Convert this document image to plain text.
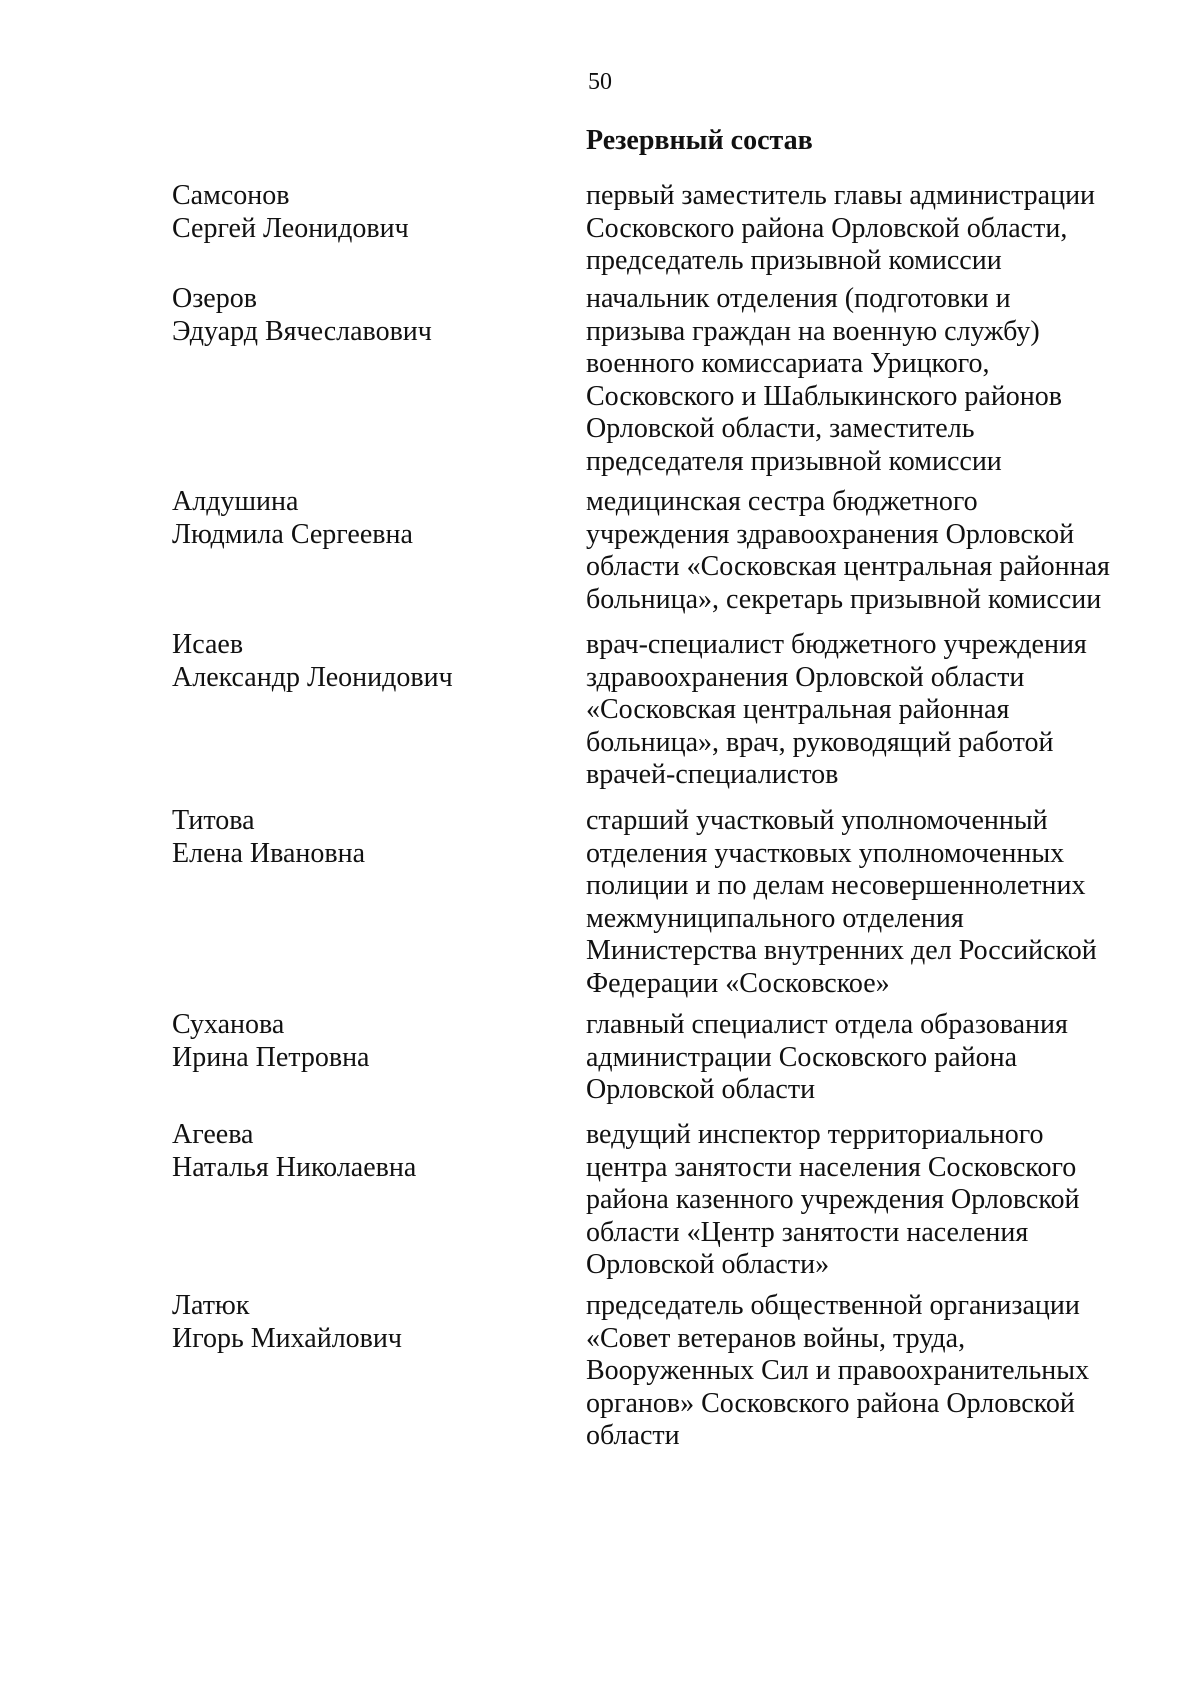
50
Резервный состав
Самсонов
Сергей Леонидович
первый заместитель главы администрации
Сосковского района Орловской области,
председатель призывной комиссии
Озеров
Эдуард Вячеславович
начальник отделения (подготовки и
призыва граждан на военную службу)
военного комиссариата Урицкого,
Сосковского и Шаблыкинского районов
Орловской области, заместитель
председателя призывной комиссии
Алдушина
Людмила Сергеевна
медицинская сестра бюджетного
учреждения здравоохранения Орловской
области «Сосковская центральная районная
больница», секретарь призывной комиссии
Исаев
Александр Леонидович
врач-специалист бюджетного учреждения
здравоохранения Орловской области
«Сосковская центральная районная
больница», врач, руководящий работой
врачей-специалистов
Титова
Елена Ивановна
старший участковый уполномоченный
отделения участковых уполномоченных
полиции и по делам несовершеннолетних
межмуниципального отделения
Министерства внутренних дел Российской
Федерации «Сосковское»
Суханова
Ирина Петровна
главный специалист отдела образования
администрации Сосковского района
Орловской области
Агеева
Наталья Николаевна
ведущий инспектор территориального
центра занятости населения Сосковского
района казенного учреждения Орловской
области «Центр занятости населения
Орловской области»
Латюк
Игорь Михайлович
председатель общественной организации
«Совет ветеранов войны, труда,
Вооруженных Сил и правоохранительных
органов» Сосковского района Орловской
области
